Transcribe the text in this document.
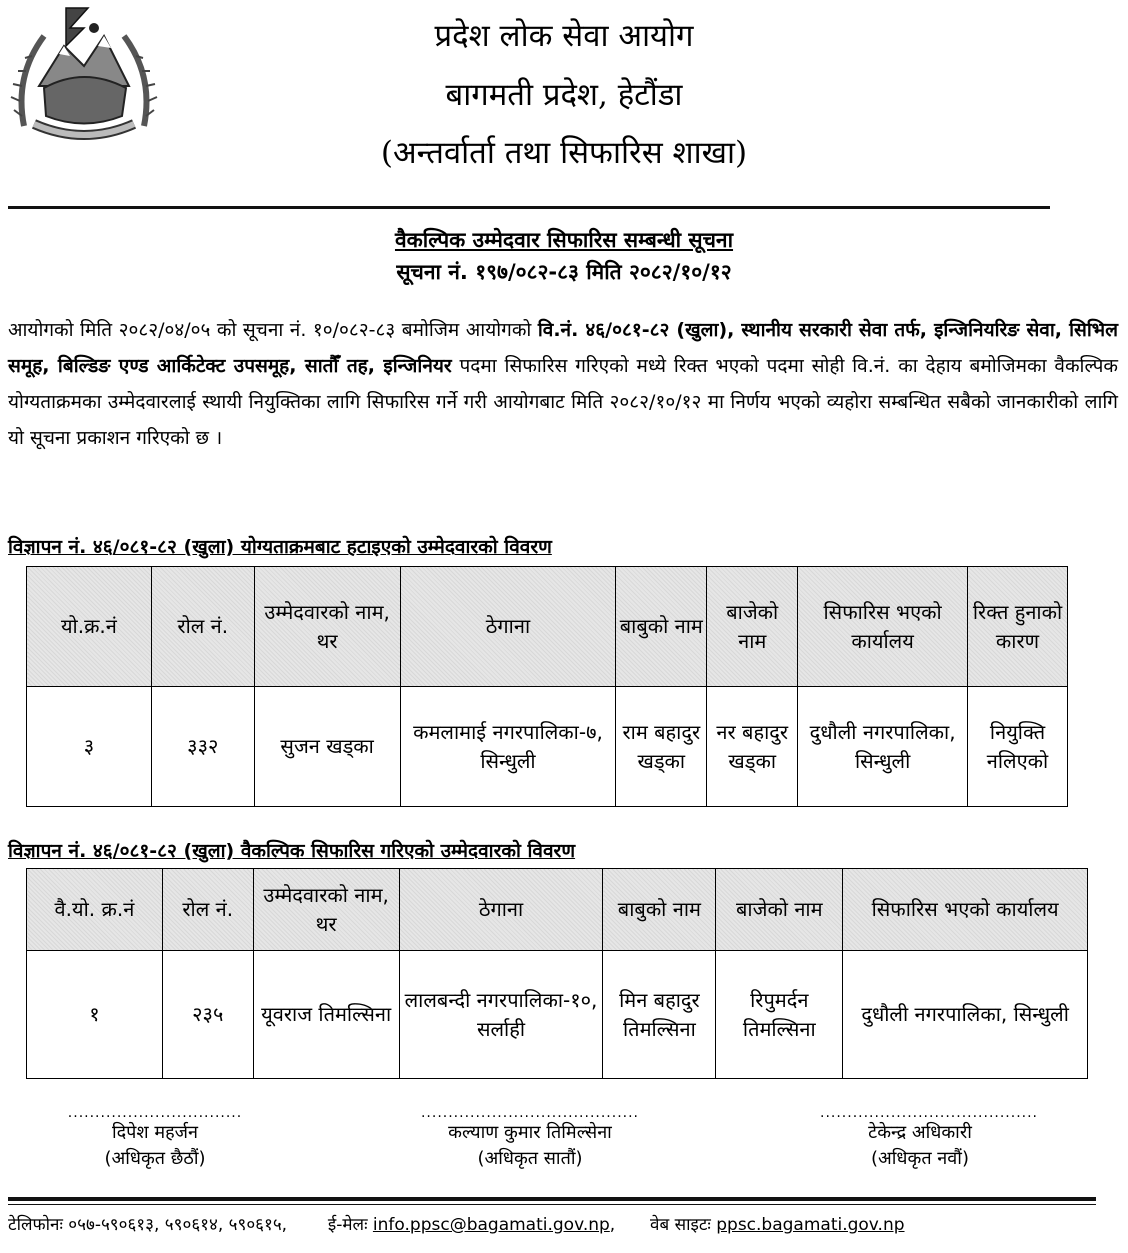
प्रदेश लोक सेवा आयोग
बागमती प्रदेश, हेटौंडा
(अन्तर्वार्ता तथा सिफारिस शाखा)
वैकल्पिक उम्मेदवार सिफारिस सम्बन्धी सूचना
सूचना नं. १९७/०८२-८३ मिति २०८२/१०/१२
आयोगको मिति २०८२/०४/०५ को सूचना नं. १०/०८२-८३ बमोजिम आयोगको वि.नं. ४६/०८१-८२ (खुला), स्थानीय सरकारी सेवा तर्फ, इन्जिनियरिङ सेवा, सिभिल समूह, बिल्डिङ एण्ड आर्किटेक्ट उपसमूह, सातौँ तह, इन्जिनियर पदमा सिफारिस गरिएको मध्ये रिक्त भएको पदमा सोही वि.नं. का देहाय बमोजिमका वैकल्पिक योग्यताक्रमका उम्मेदवारलाई स्थायी नियुक्तिका लागि सिफारिस गर्ने गरी आयोगबाट मिति २०८२/१०/१२ मा निर्णय भएको व्यहोरा सम्बन्धित सबैको जानकारीको लागि यो सूचना प्रकाशन गरिएको छ ।
विज्ञापन नं. ४६/०८१-८२ (खुला) योग्यताक्रमबाट हटाइएको उम्मेदवारको विवरण
यो.क्र.नं	रोल नं.	उम्मेदवारको नाम, थर	ठेगाना	बाबुको नाम	बाजेको नाम	सिफारिस भएको कार्यालय	रिक्त हुनाको कारण
३	३३२	सुजन खड्का	कमलामाई नगरपालिका-७, सिन्धुली	राम बहादुर खड्का	नर बहादुर खड्का	दुधौली नगरपालिका, सिन्धुली	नियुक्ति नलिएको
विज्ञापन नं. ४६/०८१-८२ (खुला) वैकल्पिक सिफारिस गरिएको उम्मेदवारको विवरण
वै.यो. क्र.नं	रोल नं.	उम्मेदवारको नाम, थर	ठेगाना	बाबुको नाम	बाजेको नाम	सिफारिस भएको कार्यालय
१	२३५	यूवराज तिमल्सिना	लालबन्दी नगरपालिका-१०, सर्लाही	मिन बहादुर तिमल्सिना	रिपुमर्दन तिमल्सिना	दुधौली नगरपालिका, सिन्धुली
................................
दिपेश महर्जन
(अधिकृत छैठौं)
........................................
कल्याण कुमार तिमिल्सेना
(अधिकृत सातौं)
........................................
टेकेन्द्र अधिकारी
(अधिकृत नवौं)
टेलिफोनः ०५७-५९०६१३, ५९०६१४, ५९०६१५, ई-मेलः info.ppsc@bagamati.gov.np, वेब साइटः ppsc.bagamati.gov.np
